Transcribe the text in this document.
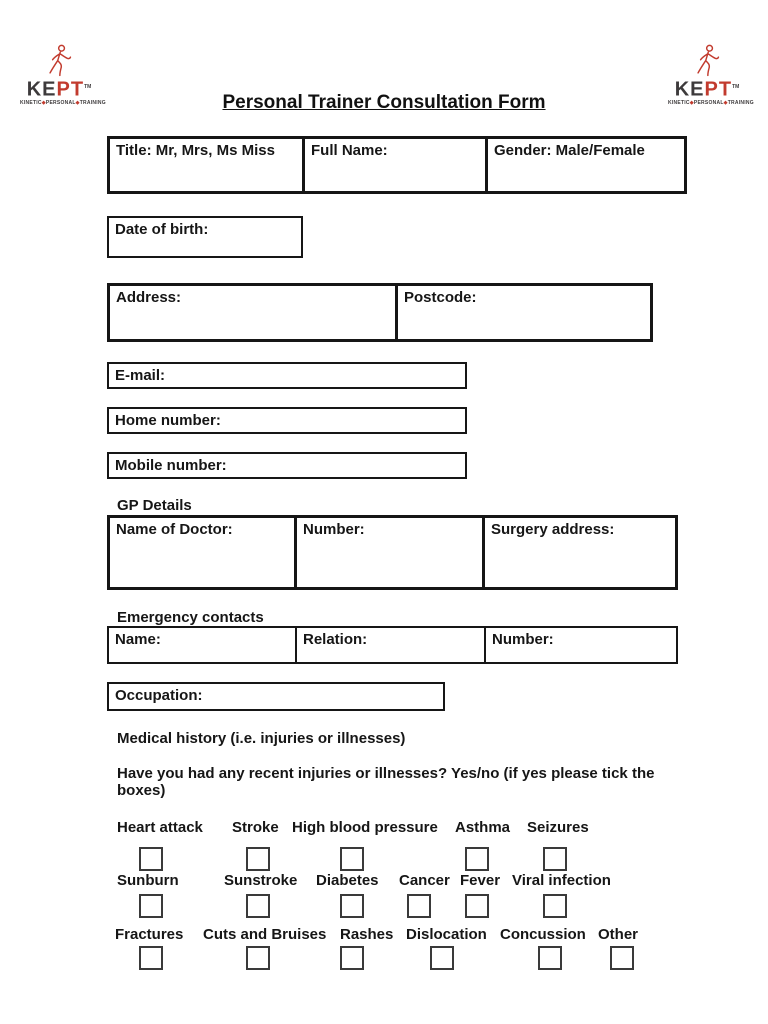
KEPT™
KINETIC◆PERSONAL◆TRAINING
KEPT™
KINETIC◆PERSONAL◆TRAINING
Personal Trainer Consultation Form
Title: Mr, Mrs, Ms Miss	Full Name:	Gender: Male/Female
Date of birth:
Address:	Postcode:
E-mail:
Home number:
Mobile number:
GP Details
Name of Doctor:	Number:	Surgery address:
Emergency contacts
Name:	Relation:	Number:
Occupation:
Medical history (i.e. injuries or illnesses)
Have you had any recent injuries or illnesses? Yes/no (if yes please tick the boxes)
Heart attack Stroke High blood pressure Asthma Seizures
Sunburn	Sunstroke Diabetes Cancer Fever Viral infection
Fractures Cuts and Bruises Rashes Dislocation Concussion Other
